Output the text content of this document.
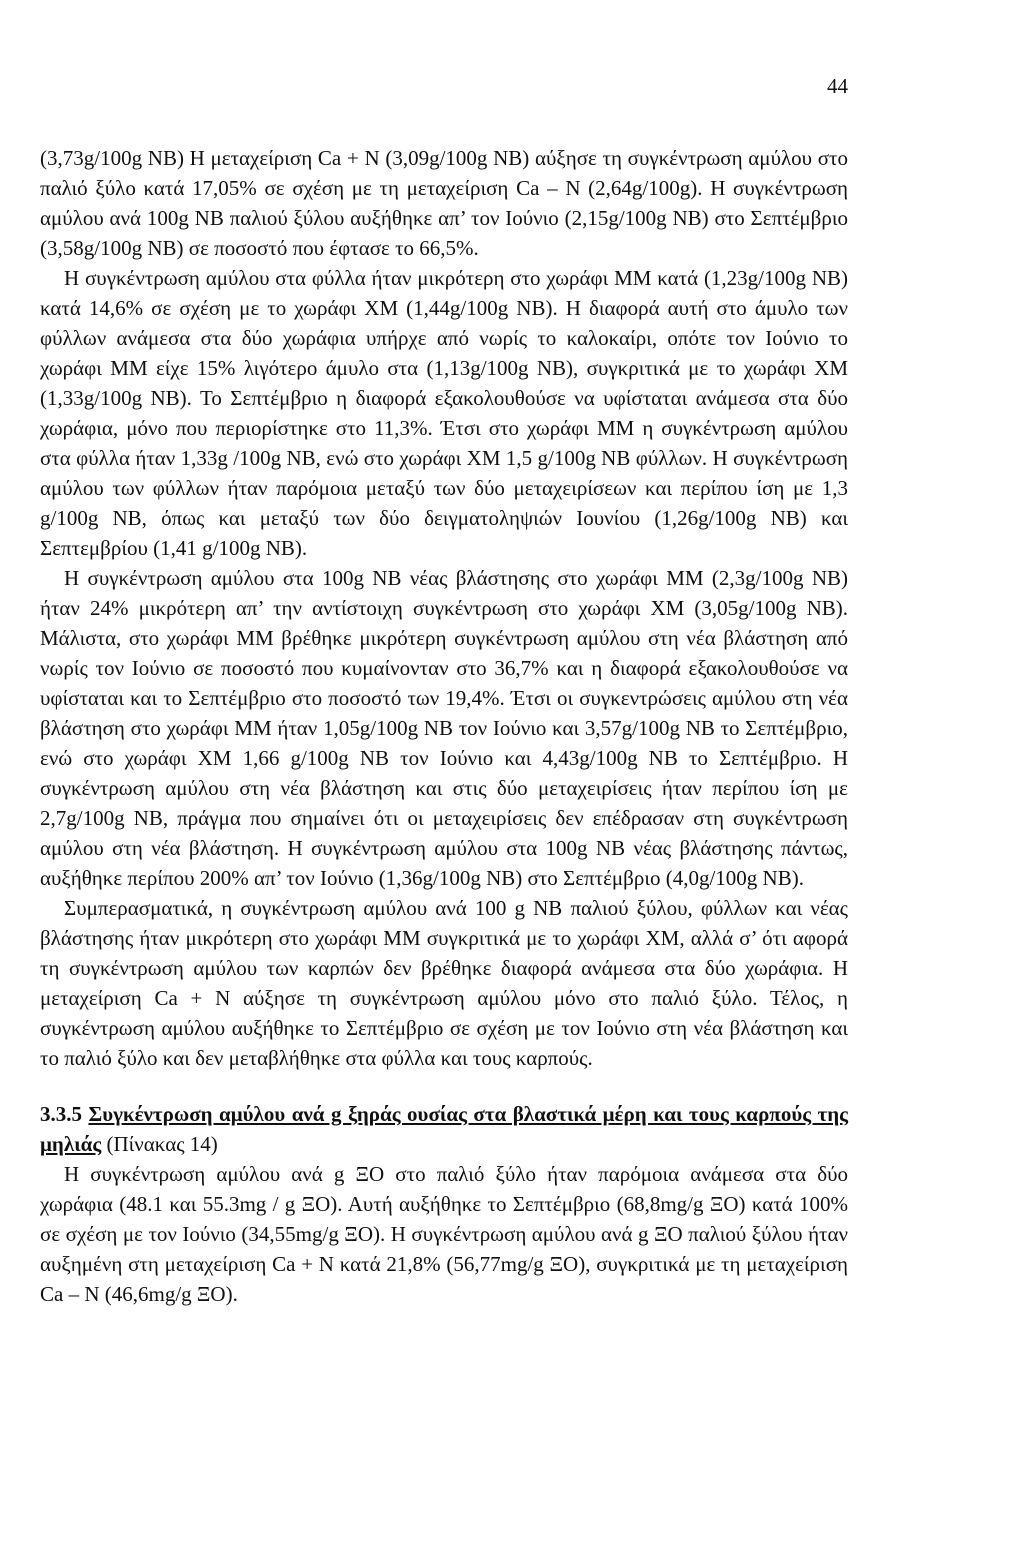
44

(3,73g/100g ΝΒ) Η μεταχείριση Ca + N (3,09g/100g ΝΒ) αύξησε τη συγκέντρωση αμύλου στο παλιό ξύλο κατά 17,05% σε σχέση με τη μεταχείριση Ca – N (2,64g/100g). Η συγκέντρωση αμύλου ανά 100g ΝΒ παλιού ξύλου αυξήθηκε απ’ τον Ιούνιο (2,15g/100g ΝΒ) στο Σεπτέμβριο (3,58g/100g ΝΒ) σε ποσοστό που έφτασε το 66,5%.

Η συγκέντρωση αμύλου στα φύλλα ήταν μικρότερη στο χωράφι ΜΜ κατά (1,23g/100g ΝΒ) κατά 14,6% σε σχέση με το χωράφι ΧΜ (1,44g/100g ΝΒ). Η διαφορά αυτή στο άμυλο των φύλλων ανάμεσα στα δύο χωράφια υπήρχε από νωρίς το καλοκαίρι, οπότε τον Ιούνιο το χωράφι ΜΜ είχε 15% λιγότερο άμυλο στα (1,13g/100g ΝΒ), συγκριτικά με το χωράφι ΧΜ (1,33g/100g ΝΒ). Το Σεπτέμβριο η διαφορά εξακολουθούσε να υφίσταται ανάμεσα στα δύο χωράφια, μόνο που περιορίστηκε στο 11,3%. Έτσι στο χωράφι ΜΜ η συγκέντρωση αμύλου στα φύλλα ήταν 1,33g /100g ΝΒ, ενώ στο χωράφι ΧΜ 1,5 g/100g ΝΒ φύλλων. Η συγκέντρωση αμύλου των φύλλων ήταν παρόμοια μεταξύ των δύο μεταχειρίσεων και περίπου ίση με 1,3 g/100g ΝΒ, όπως και μεταξύ των δύο δειγματοληψιών Ιουνίου (1,26g/100g ΝΒ) και Σεπτεμβρίου (1,41 g/100g ΝΒ).

Η συγκέντρωση αμύλου στα 100g ΝΒ νέας βλάστησης στο χωράφι ΜΜ (2,3g/100g ΝΒ) ήταν 24% μικρότερη απ’ την αντίστοιχη συγκέντρωση στο χωράφι ΧΜ (3,05g/100g ΝΒ). Μάλιστα, στο χωράφι ΜΜ βρέθηκε μικρότερη συγκέντρωση αμύλου στη νέα βλάστηση από νωρίς τον Ιούνιο σε ποσοστό που κυμαίνονταν στο 36,7% και η διαφορά εξακολουθούσε να υφίσταται και το Σεπτέμβριο στο ποσοστό των 19,4%. Έτσι οι συγκεντρώσεις αμύλου στη νέα βλάστηση στο χωράφι ΜΜ ήταν 1,05g/100g ΝΒ τον Ιούνιο και 3,57g/100g ΝΒ το Σεπτέμβριο, ενώ στο χωράφι ΧΜ 1,66 g/100g ΝΒ τον Ιούνιο και 4,43g/100g ΝΒ το Σεπτέμβριο. Η συγκέντρωση αμύλου στη νέα βλάστηση και στις δύο μεταχειρίσεις ήταν περίπου ίση με 2,7g/100g ΝΒ, πράγμα που σημαίνει ότι οι μεταχειρίσεις δεν επέδρασαν στη συγκέντρωση αμύλου στη νέα βλάστηση. Η συγκέντρωση αμύλου στα 100g ΝΒ νέας βλάστησης πάντως, αυξήθηκε περίπου 200% απ’ τον Ιούνιο (1,36g/100g ΝΒ) στο Σεπτέμβριο (4,0g/100g ΝΒ).

Συμπερασματικά, η συγκέντρωση αμύλου ανά 100 g ΝΒ παλιού ξύλου, φύλλων και νέας βλάστησης ήταν μικρότερη στο χωράφι ΜΜ συγκριτικά με το χωράφι ΧΜ, αλλά σ’ ότι αφορά τη συγκέντρωση αμύλου των καρπών δεν βρέθηκε διαφορά ανάμεσα στα δύο χωράφια. Η μεταχείριση Ca + N αύξησε τη συγκέντρωση αμύλου μόνο στο παλιό ξύλο. Τέλος, η συγκέντρωση αμύλου αυξήθηκε το Σεπτέμβριο σε σχέση με τον Ιούνιο στη νέα βλάστηση και το παλιό ξύλο και δεν μεταβλήθηκε στα φύλλα και τους καρπούς.

3.3.5 Συγκέντρωση αμύλου ανά g ξηράς ουσίας στα βλαστικά μέρη και τους καρπούς της μηλιάς (Πίνακας 14)

Η συγκέντρωση αμύλου ανά g ΞΟ στο παλιό ξύλο ήταν παρόμοια ανάμεσα στα δύο χωράφια (48.1 και 55.3mg / g ΞΟ). Αυτή αυξήθηκε το Σεπτέμβριο (68,8mg/g ΞΟ) κατά 100% σε σχέση με τον Ιούνιο (34,55mg/g ΞΟ). Η συγκέντρωση αμύλου ανά g ΞΟ παλιού ξύλου ήταν αυξημένη στη μεταχείριση Ca + N κατά 21,8% (56,77mg/g ΞΟ), συγκριτικά με τη μεταχείριση Ca – N (46,6mg/g ΞΟ).
